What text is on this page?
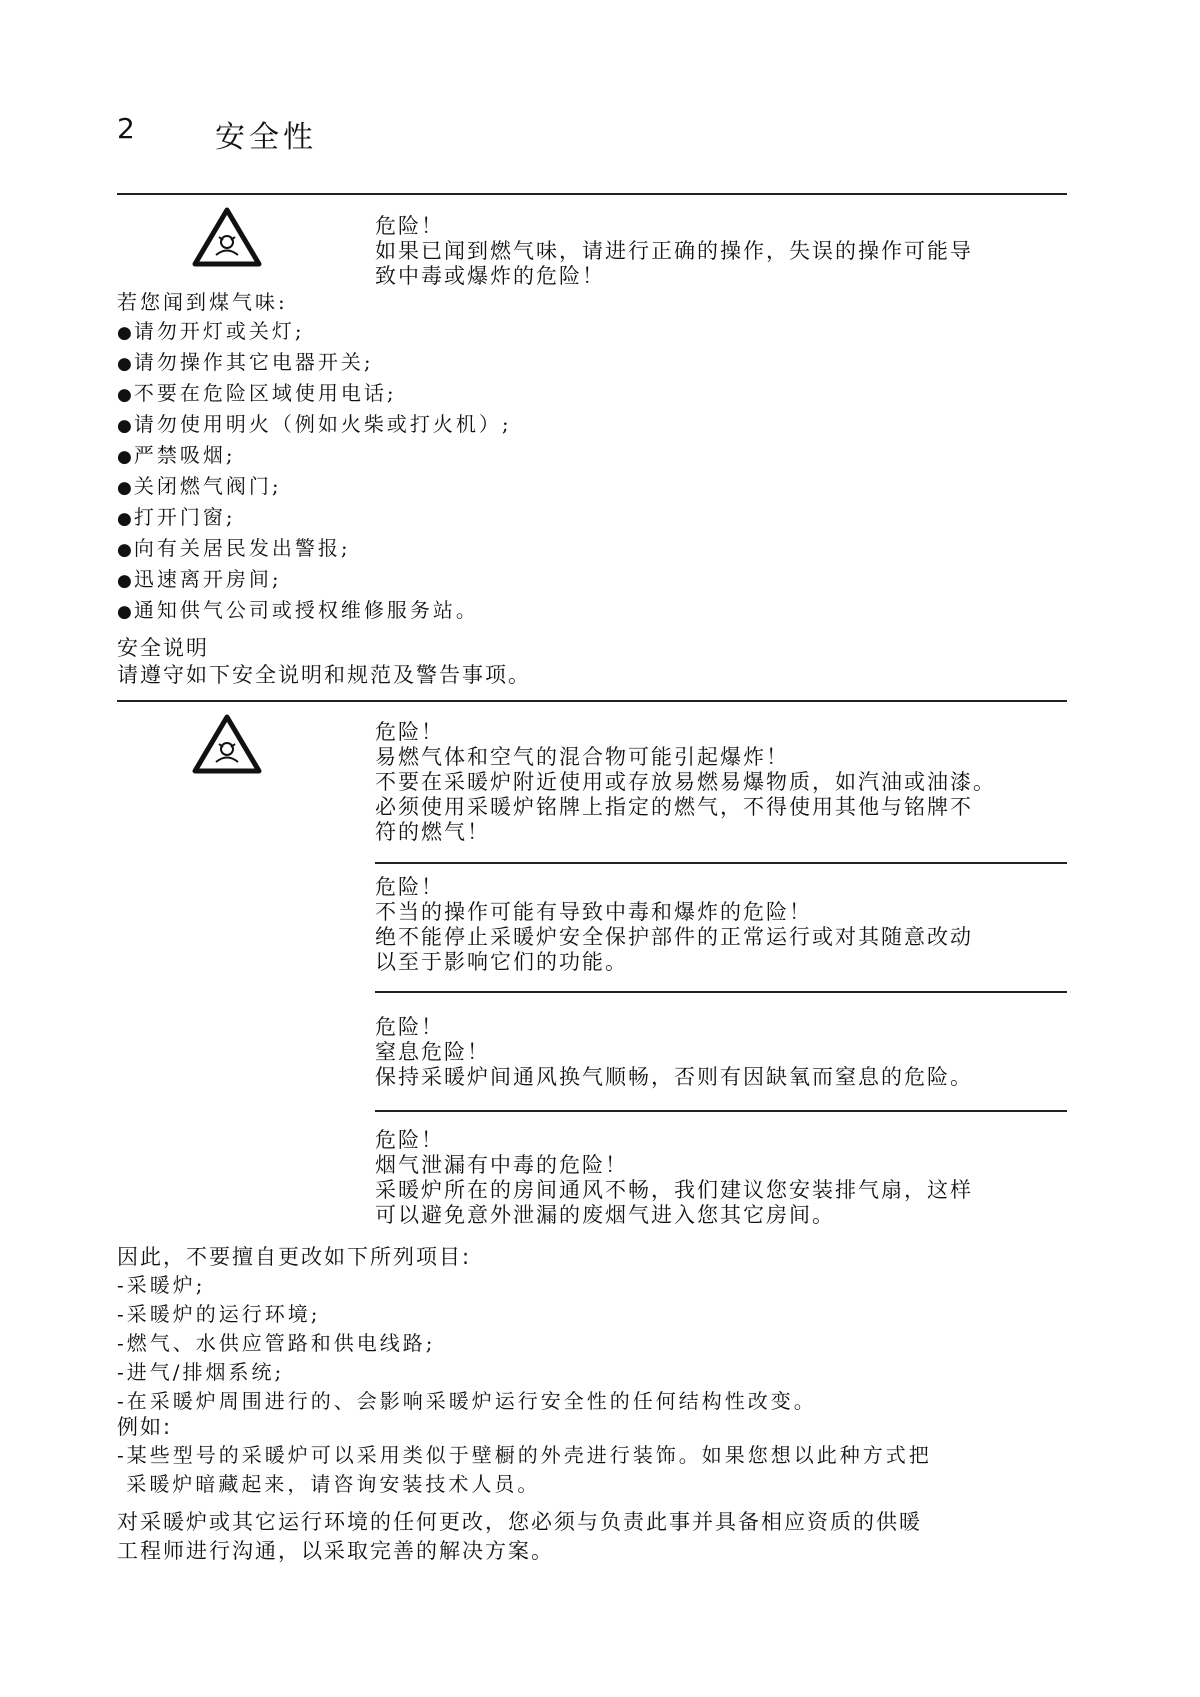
2	安全性
危险！
如果已闻到燃气味，请进行正确的操作，失误的操作可能导
致中毒或爆炸的危险！
若您闻到煤气味:
● 请勿开灯或关灯;
● 请勿操作其它电器开关;
● 不要在危险区域使用电话;
● 请勿使用明火（例如火柴或打火机）;
● 严禁吸烟;
● 关闭燃气阀门;
● 打开门窗;
● 向有关居民发出警报;
● 迅速离开房间;
● 通知供气公司或授权维修服务站。
安全说明
请遵守如下安全说明和规范及警告事项。
危险！
易燃气体和空气的混合物可能引起爆炸！
不要在采暖炉附近使用或存放易燃易爆物质，如汽油或油漆。
必须使用采暖炉铭牌上指定的燃气，不得使用其他与铭牌不
符的燃气！
危险！
不当的操作可能有导致中毒和爆炸的危险！
绝不能停止采暖炉安全保护部件的正常运行或对其随意改动
以至于影响它们的功能。
危险！
窒息危险！
保持采暖炉间通风换气顺畅，否则有因缺氧而窒息的危险。
危险！
烟气泄漏有中毒的危险！
采暖炉所在的房间通风不畅，我们建议您安装排气扇，这样
可以避免意外泄漏的废烟气进入您其它房间。
因此，不要擅自更改如下所列项目:
-采暖炉;
-采暖炉的运行环境;
-燃气、水供应管路和供电线路;
-进气/排烟系统;
-在采暖炉周围进行的、会影响采暖炉运行安全性的任何结构性改变。
例如:
-某些型号的采暖炉可以采用类似于壁橱的外壳进行装饰。如果您想以此种方式把
采暖炉暗藏起来，请咨询安装技术人员。
对采暖炉或其它运行环境的任何更改，您必须与负责此事并具备相应资质的供暖
工程师进行沟通，以采取完善的解决方案。
